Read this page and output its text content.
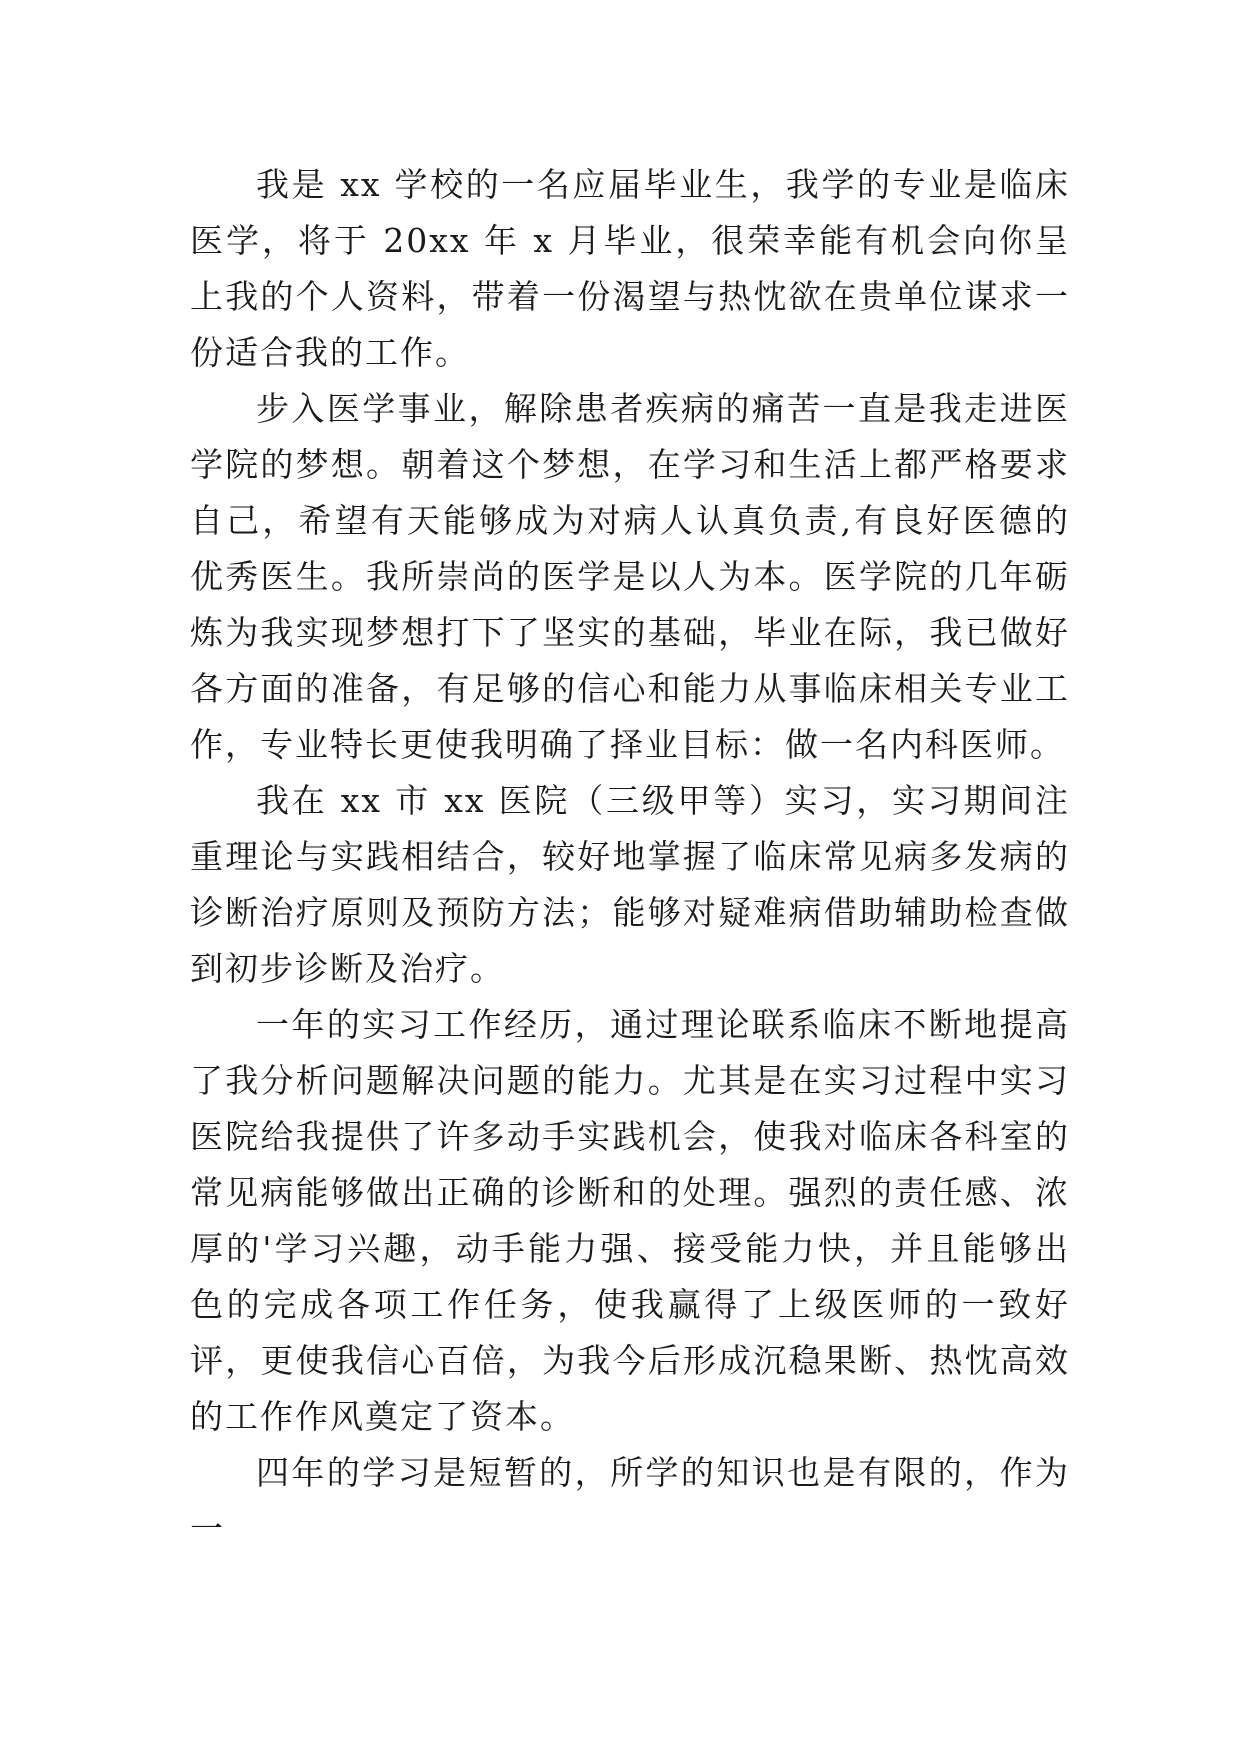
我是 xx 学校的一名应届毕业生，我学的专业是临床医学，将于 20xx 年 x 月毕业，很荣幸能有机会向你呈上我的个人资料，带着一份渴望与热忱欲在贵单位谋求一份适合我的工作。

步入医学事业，解除患者疾病的痛苦一直是我走进医学院的梦想。朝着这个梦想，在学习和生活上都严格要求自己，希望有天能够成为对病人认真负责,有良好医德的优秀医生。我所崇尚的医学是以人为本。医学院的几年砺炼为我实现梦想打下了坚实的基础，毕业在际，我已做好各方面的准备，有足够的信心和能力从事临床相关专业工作，专业特长更使我明确了择业目标：做一名内科医师。

我在 xx 市 xx 医院（三级甲等）实习，实习期间注重理论与实践相结合，较好地掌握了临床常见病多发病的诊断治疗原则及预防方法；能够对疑难病借助辅助检查做到初步诊断及治疗。

一年的实习工作经历，通过理论联系临床不断地提高了我分析问题解决问题的能力。尤其是在实习过程中实习医院给我提供了许多动手实践机会，使我对临床各科室的常见病能够做出正确的诊断和的处理。强烈的责任感、浓厚的'学习兴趣，动手能力强、接受能力快，并且能够出色的完成各项工作任务，使我赢得了上级医师的一致好评，更使我信心百倍，为我今后形成沉稳果断、热忱高效的工作作风奠定了资本。

四年的学习是短暂的，所学的知识也是有限的，作为一
